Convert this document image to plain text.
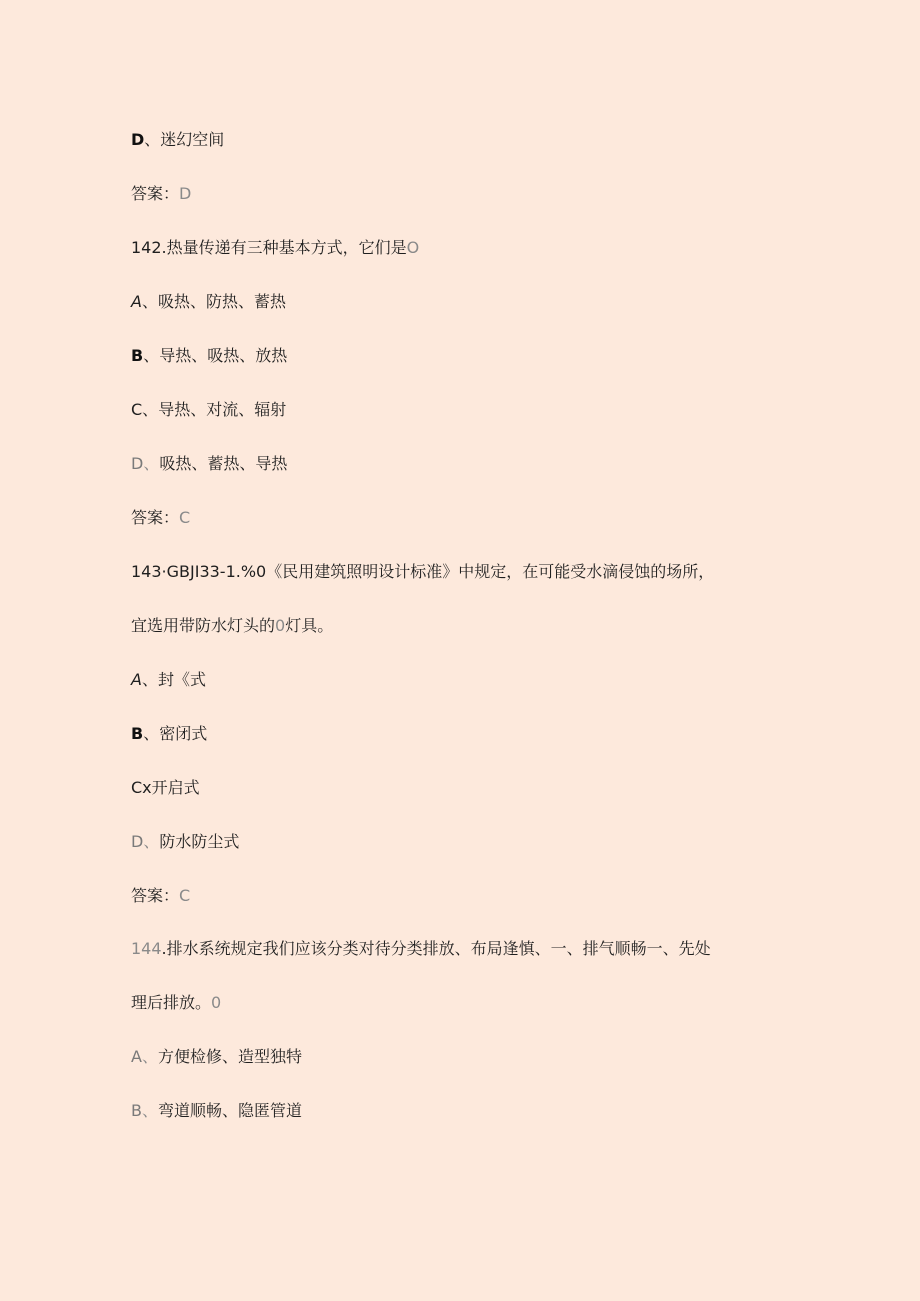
D、迷幻空间
答案：D
142.热量传递有三种基本方式，它们是O
A、吸热、防热、蓄热
B、导热、吸热、放热
C、导热、对流、辐射
D、吸热、蓄热、导热
答案：C
143·GBJI33-1.%0《民用建筑照明设计标准》中规定，在可能受水滴侵蚀的场所，
宜选用带防水灯头的0灯具。
A、封《式
B、密闭式
Cx开启式
D、防水防尘式
答案：C
144.排水系统规定我们应该分类对待分类排放、布局逢慎、一、排气顺畅一、先处
理后排放。0
A、方便检修、造型独特
B、弯道顺畅、隐匿管道
